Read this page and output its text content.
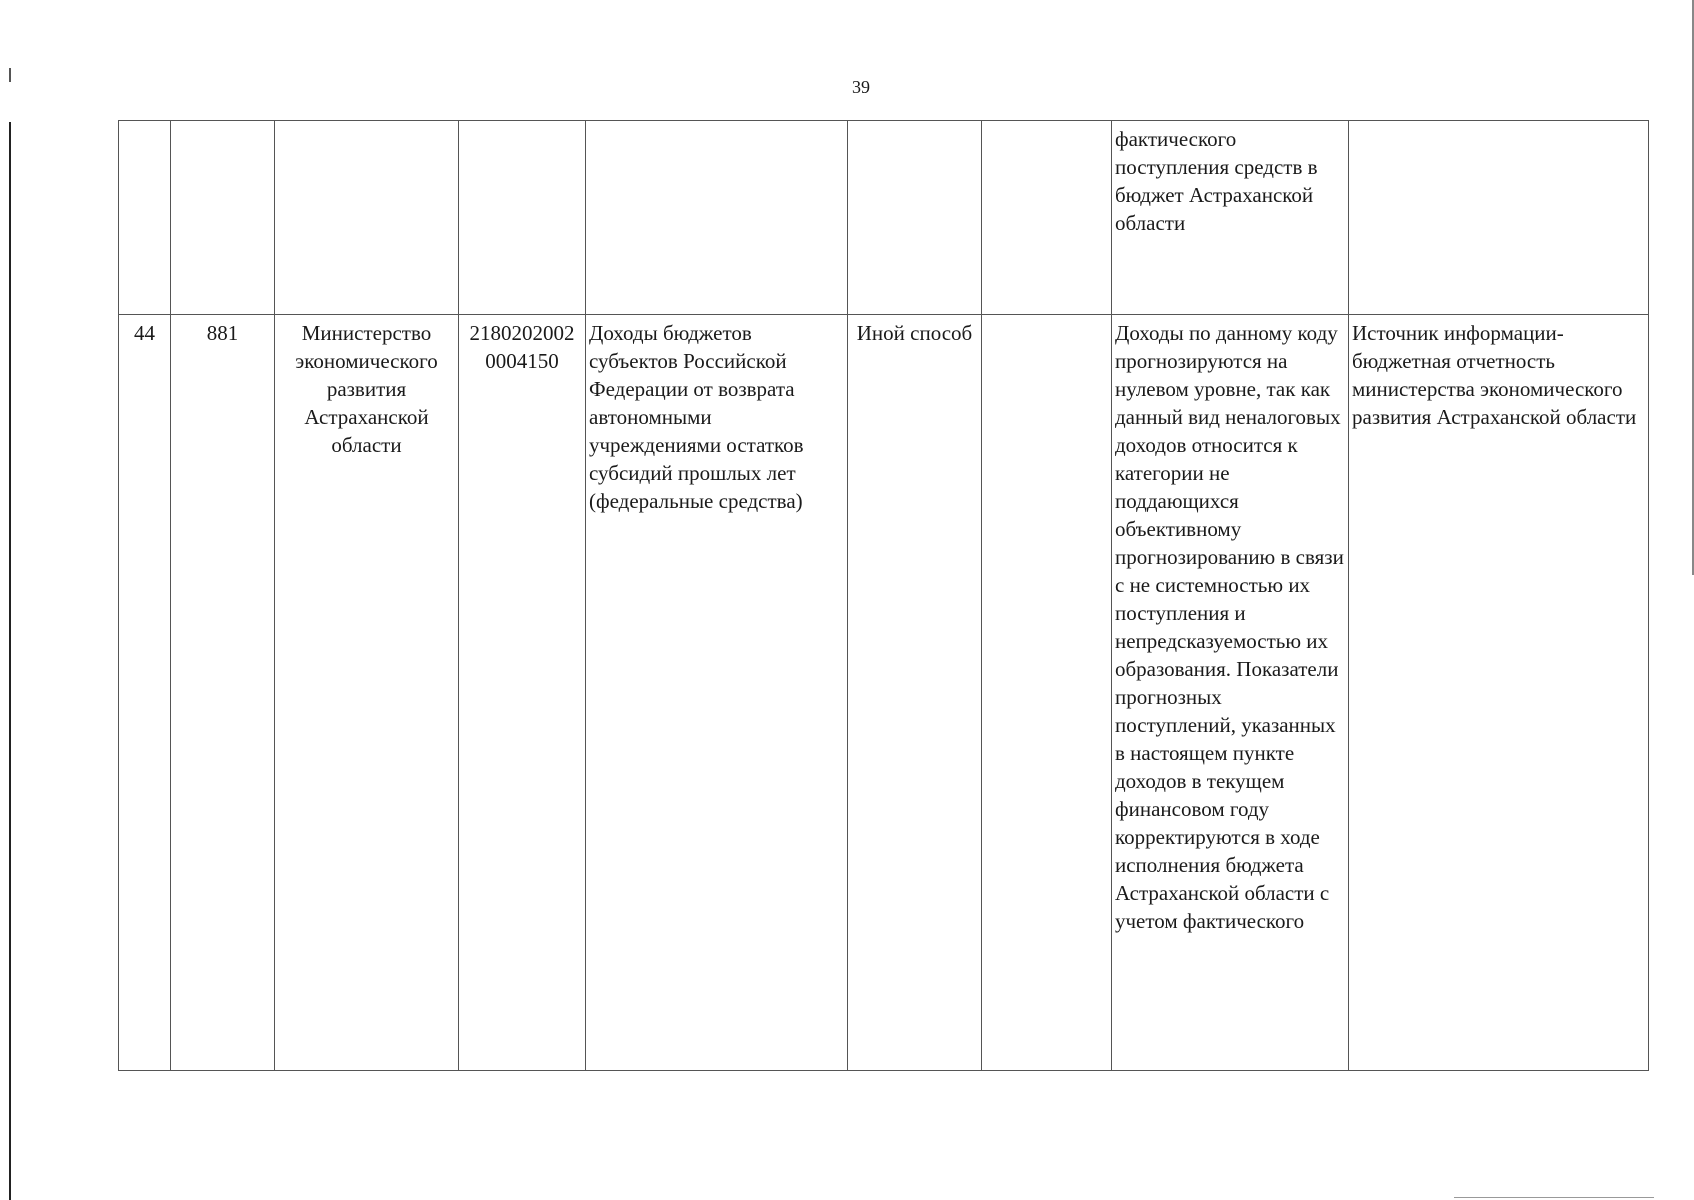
39
							фактического поступления средств в бюджет Астраханской области	
44	881	Министерство экономического развития Астраханской области	2180202002 0004150	Доходы бюджетов субъектов Российской Федерации от возврата автономными учреждениями остатков субсидий прошлых лет (федеральные средства)	Иной способ		Доходы по данному коду прогнозируются на нулевом уровне, так как данный вид неналоговых доходов относится к категории не поддающихся объективному прогнозированию в связи с не системностью их поступления и непредсказуемостью их образования. Показатели прогнозных поступлений, указанных в настоящем пункте доходов в текущем финансовом году корректируются в ходе исполнения бюджета Астраханской области с учетом фактического	Источник информации-бюджетная отчетность министерства экономического развития Астраханской области
